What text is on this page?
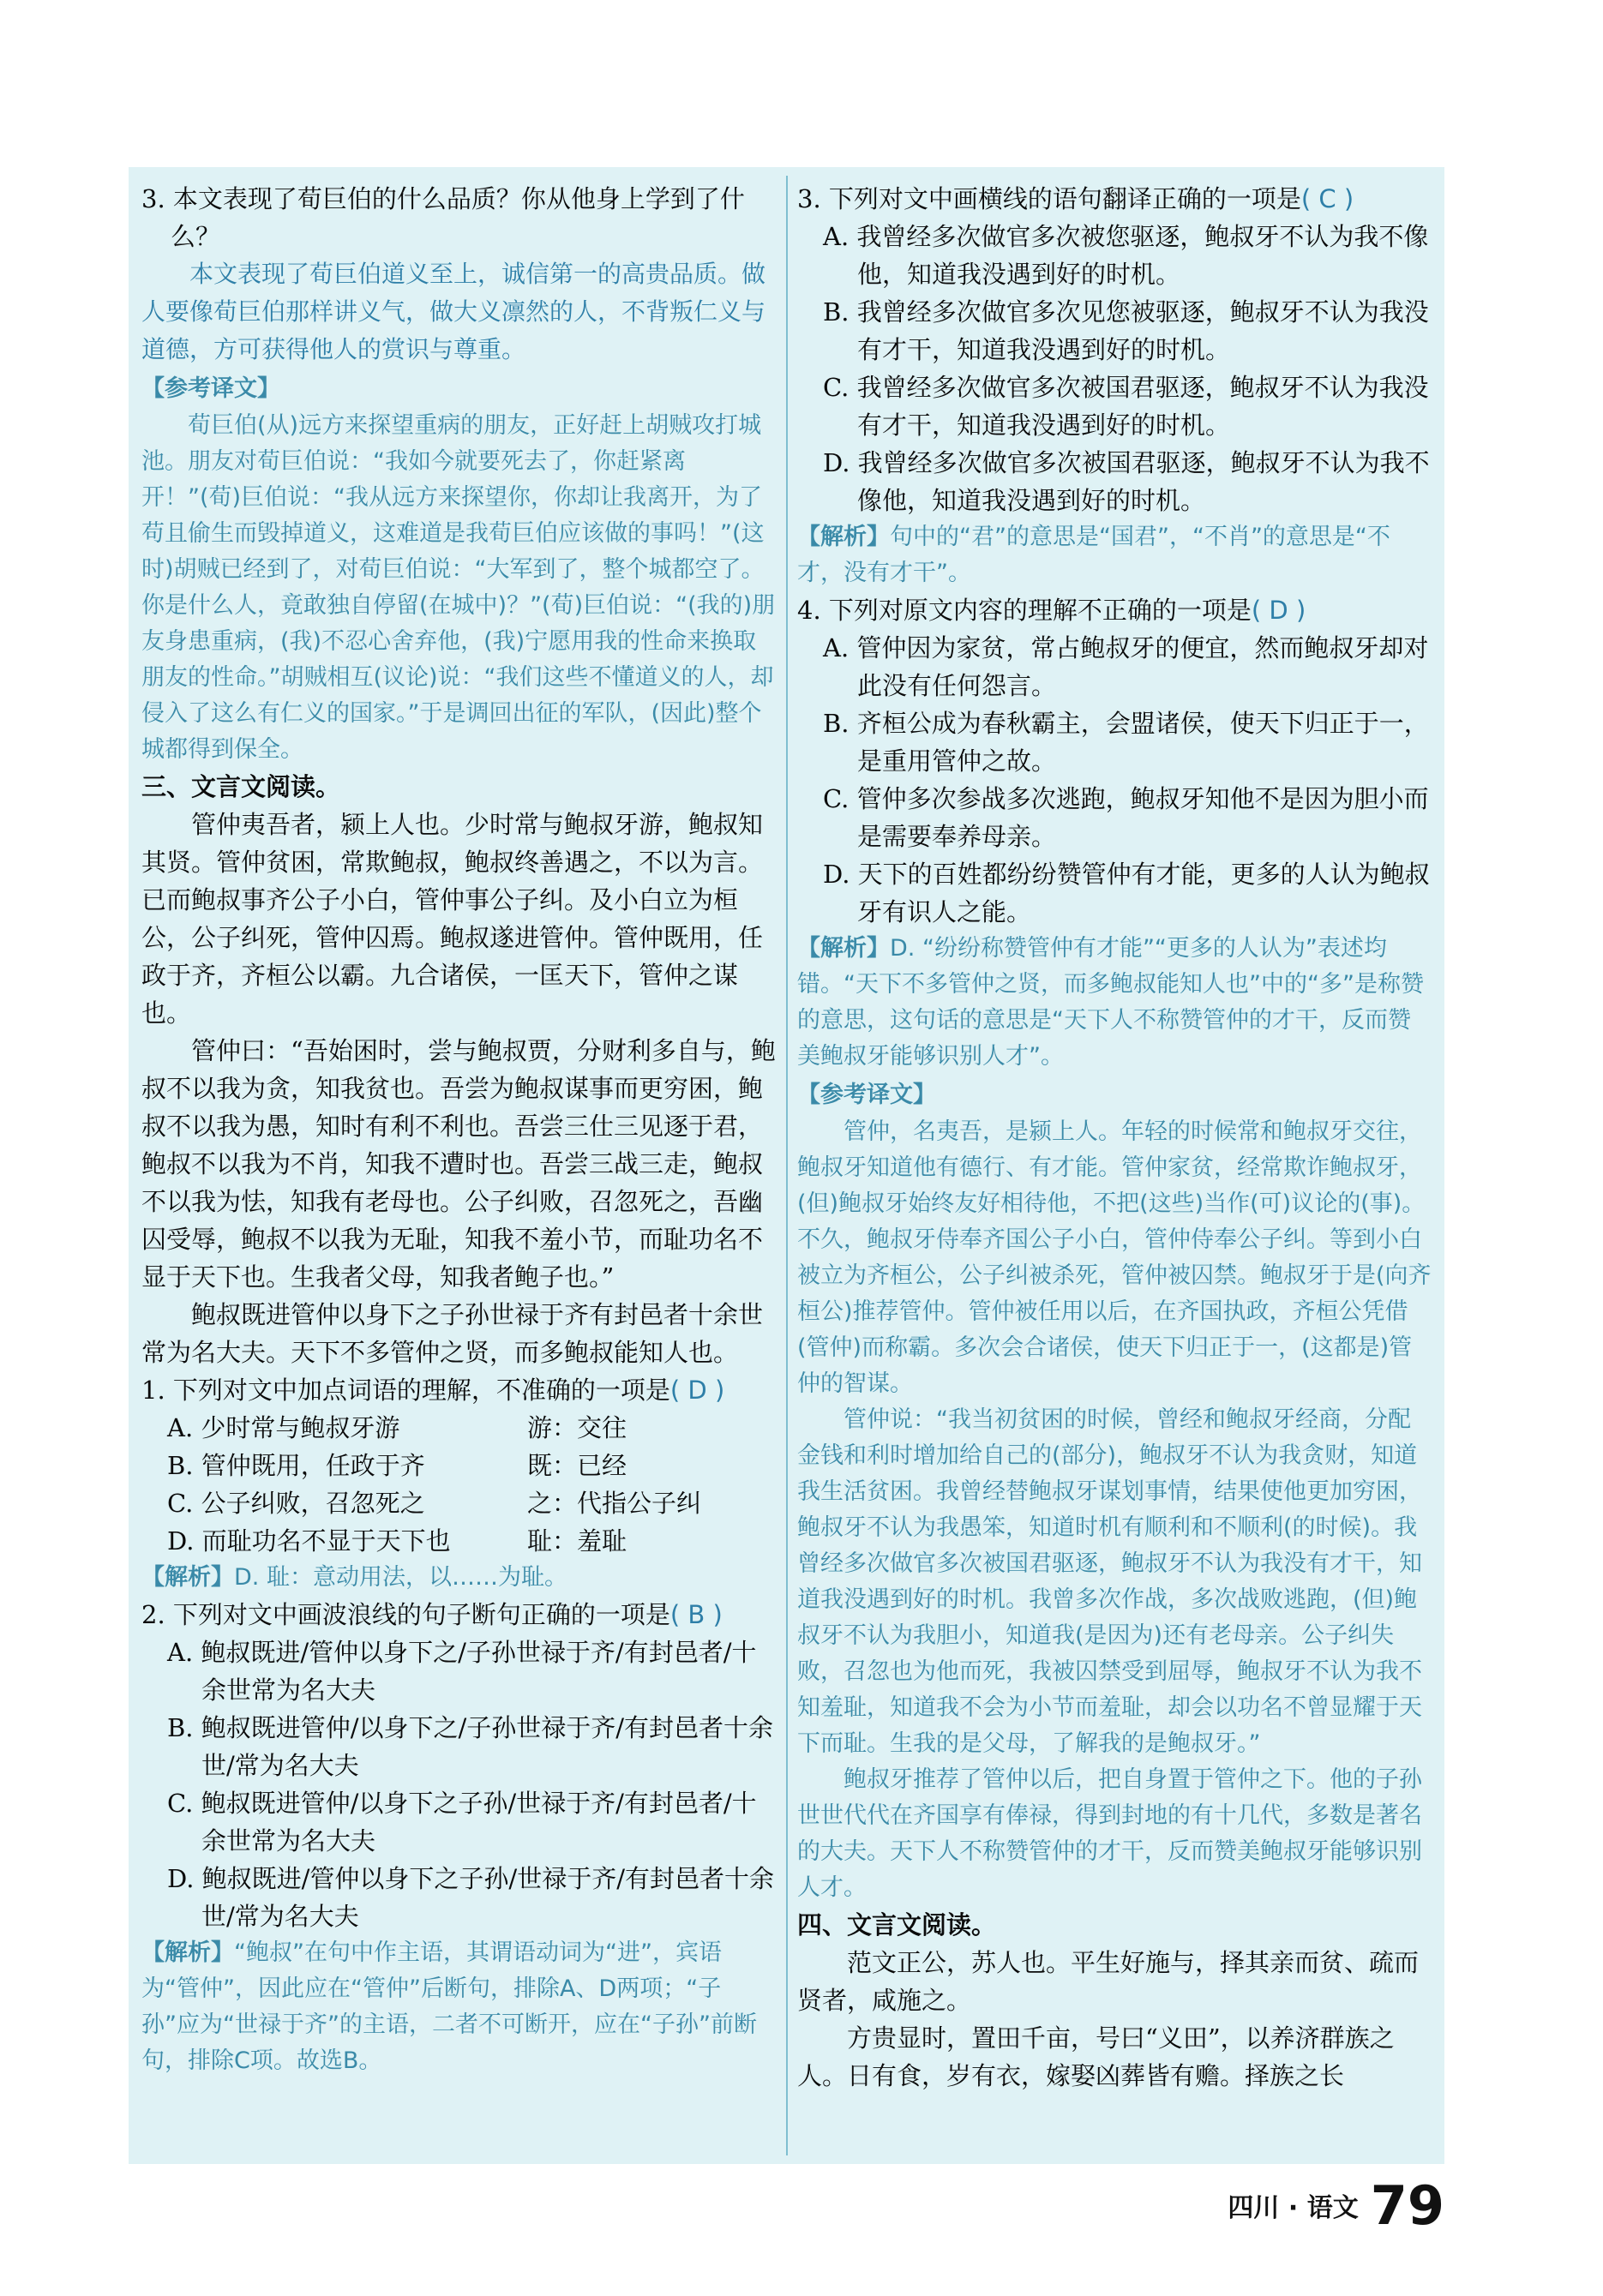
3. 本文表现了荀巨伯的什么品质？你从他身上学到了什么？

本文表现了荀巨伯道义至上，诚信第一的高贵品质。做人要像荀巨伯那样讲义气，做大义凛然的人，不背叛仁义与道德，方可获得他人的赏识与尊重。

【参考译文】

荀巨伯(从)远方来探望重病的朋友，正好赶上胡贼攻打城池。朋友对荀巨伯说：“我如今就要死去了，你赶紧离开！”(荀)巨伯说：“我从远方来探望你，你却让我离开，为了苟且偷生而毁掉道义，这难道是我荀巨伯应该做的事吗！”(这时)胡贼已经到了，对荀巨伯说：“大军到了，整个城都空了。你是什么人，竟敢独自停留(在城中)？”(荀)巨伯说：“(我的)朋友身患重病，(我)不忍心舍弃他，(我)宁愿用我的性命来换取朋友的性命。”胡贼相互(议论)说：“我们这些不懂道义的人，却侵入了这么有仁义的国家。”于是调回出征的军队，(因此)整个城都得到保全。

三、文言文阅读。

管仲夷吾者，颍上人也。少时常与鲍叔牙游，鲍叔知其贤。管仲贫困，常欺鲍叔，鲍叔终善遇之，不以为言。已而鲍叔事齐公子小白，管仲事公子纠。及小白立为桓公，公子纠死，管仲囚焉。鲍叔遂进管仲。管仲既用，任政于齐，齐桓公以霸。九合诸侯，一匡天下，管仲之谋也。

管仲曰：“吾始困时，尝与鲍叔贾，分财利多自与，鲍叔不以我为贪，知我贫也。吾尝为鲍叔谋事而更穷困，鲍叔不以我为愚，知时有利不利也。吾尝三仕三见逐于君，鲍叔不以我为不肖，知我不遭时也。吾尝三战三走，鲍叔不以我为怯，知我有老母也。公子纠败，召忽死之，吾幽囚受辱，鲍叔不以我为无耻，知我不羞小节，而耻功名不显于天下也。生我者父母，知我者鲍子也。”

鲍叔既进管仲以身下之子孙世禄于齐有封邑者十余世常为名大夫。天下不多管仲之贤，而多鲍叔能知人也。

1. 下列对文中加点词语的理解，不准确的一项是( D )

A. 少时常与鲍叔牙游	游：交往
B. 管仲既用，任政于齐	既：已经
C. 公子纠败，召忽死之	之：代指公子纠
D. 而耻功名不显于天下也	耻：羞耻

【解析】D. 耻：意动用法，以……为耻。

2. 下列对文中画波浪线的句子断句正确的一项是( B )

A. 鲍叔既进/管仲以身下之/子孙世禄于齐/有封邑者/十余世常为名大夫

B. 鲍叔既进管仲/以身下之/子孙世禄于齐/有封邑者十余世/常为名大夫

C. 鲍叔既进管仲/以身下之子孙/世禄于齐/有封邑者/十余世常为名大夫

D. 鲍叔既进/管仲以身下之子孙/世禄于齐/有封邑者十余世/常为名大夫

【解析】“鲍叔”在句中作主语，其谓语动词为“进”，宾语为“管仲”，因此应在“管仲”后断句，排除A、D两项；“子孙”应为“世禄于齐”的主语，二者不可断开，应在“子孙”前断句，排除C项。故选B。

3. 下列对文中画横线的语句翻译正确的一项是( C )

A. 我曾经多次做官多次被您驱逐，鲍叔牙不认为我不像他，知道我没遇到好的时机。

B. 我曾经多次做官多次见您被驱逐，鲍叔牙不认为我没有才干，知道我没遇到好的时机。

C. 我曾经多次做官多次被国君驱逐，鲍叔牙不认为我没有才干，知道我没遇到好的时机。

D. 我曾经多次做官多次被国君驱逐，鲍叔牙不认为我不像他，知道我没遇到好的时机。

【解析】句中的“君”的意思是“国君”，“不肖”的意思是“不才，没有才干”。

4. 下列对原文内容的理解不正确的一项是( D )

A. 管仲因为家贫，常占鲍叔牙的便宜，然而鲍叔牙却对此没有任何怨言。

B. 齐桓公成为春秋霸主，会盟诸侯，使天下归正于一，是重用管仲之故。

C. 管仲多次参战多次逃跑，鲍叔牙知他不是因为胆小而是需要奉养母亲。

D. 天下的百姓都纷纷赞管仲有才能，更多的人认为鲍叔牙有识人之能。

【解析】D. “纷纷称赞管仲有才能”“更多的人认为”表述均错。“天下不多管仲之贤，而多鲍叔能知人也”中的“多”是称赞的意思，这句话的意思是“天下人不称赞管仲的才干，反而赞美鲍叔牙能够识别人才”。

【参考译文】

管仲，名夷吾，是颍上人。年轻的时候常和鲍叔牙交往，鲍叔牙知道他有德行、有才能。管仲家贫，经常欺诈鲍叔牙，(但)鲍叔牙始终友好相待他，不把(这些)当作(可)议论的(事)。不久，鲍叔牙侍奉齐国公子小白，管仲侍奉公子纠。等到小白被立为齐桓公，公子纠被杀死，管仲被囚禁。鲍叔牙于是(向齐桓公)推荐管仲。管仲被任用以后，在齐国执政，齐桓公凭借(管仲)而称霸。多次会合诸侯，使天下归正于一，(这都是)管仲的智谋。

管仲说：“我当初贫困的时候，曾经和鲍叔牙经商，分配金钱和利时增加给自己的(部分)，鲍叔牙不认为我贪财，知道我生活贫困。我曾经替鲍叔牙谋划事情，结果使他更加穷困，鲍叔牙不认为我愚笨，知道时机有顺利和不顺利(的时候)。我曾经多次做官多次被国君驱逐，鲍叔牙不认为我没有才干，知道我没遇到好的时机。我曾多次作战，多次战败逃跑，(但)鲍叔牙不认为我胆小，知道我(是因为)还有老母亲。公子纠失败，召忽也为他而死，我被囚禁受到屈辱，鲍叔牙不认为我不知羞耻，知道我不会为小节而羞耻，却会以功名不曾显耀于天下而耻。生我的是父母，了解我的是鲍叔牙。”

鲍叔牙推荐了管仲以后，把自身置于管仲之下。他的子孙世世代代在齐国享有俸禄，得到封地的有十几代，多数是著名的大夫。天下人不称赞管仲的才干，反而赞美鲍叔牙能够识别人才。

四、文言文阅读。

范文正公，苏人也。平生好施与，择其亲而贫、疏而贤者，咸施之。

方贵显时，置田千亩，号曰“义田”，以养济群族之人。日有食，岁有衣，嫁娶凶葬皆有赡。择族之长

四川 · 语文 79
